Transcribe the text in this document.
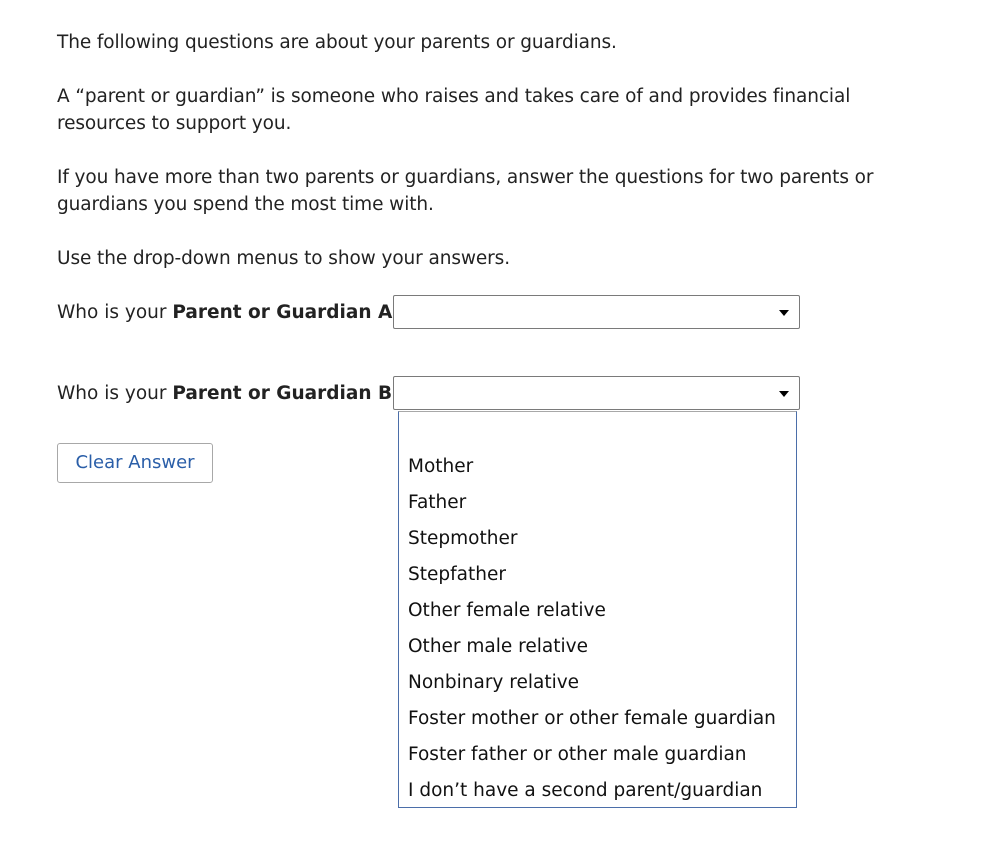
The following questions are about your parents or guardians.

A “parent or guardian” is someone who raises and takes care of and provides financial resources to support you.

If you have more than two parents or guardians, answer the questions for two parents or guardians you spend the most time with.

Use the drop-down menus to show your answers.

Who is your Parent or Guardian A

Who is your Parent or Guardian B

Clear Answer	Mother
Father
Stepmother
Stepfather
Other female relative
Other male relative
Nonbinary relative
Foster mother or other female guardian
Foster father or other male guardian
I don’t have a second parent/guardian
